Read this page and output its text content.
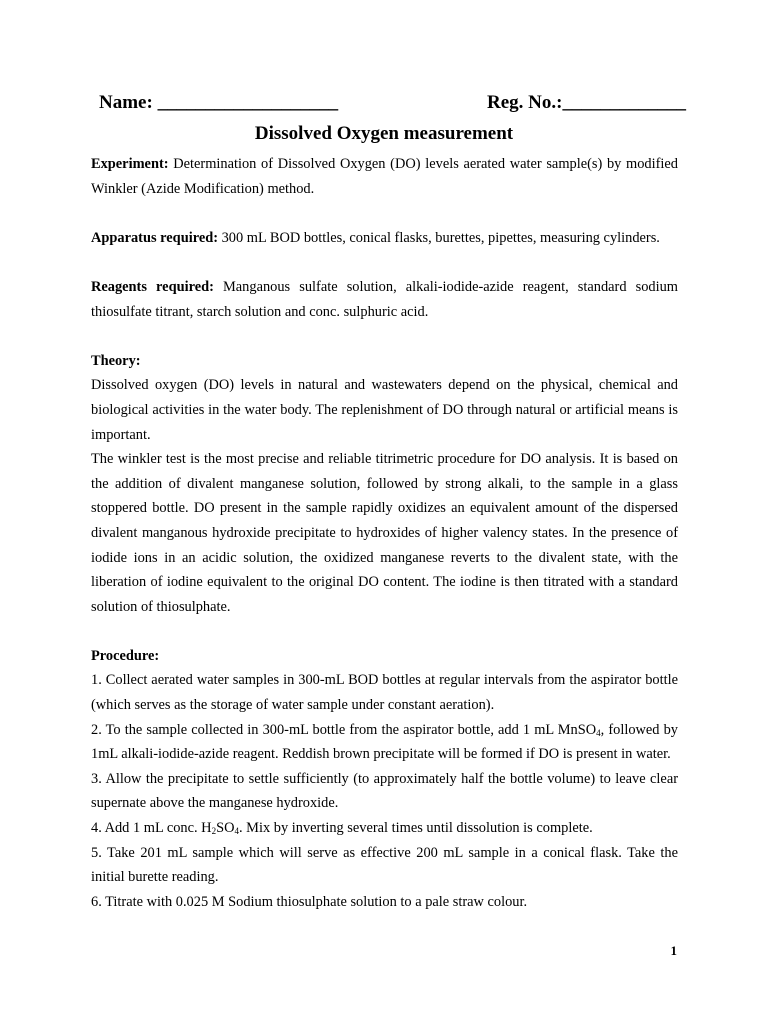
Name: ___________________	Reg. No.:_____________
Dissolved Oxygen measurement

Experiment: Determination of Dissolved Oxygen (DO) levels aerated water sample(s) by modified Winkler (Azide Modification) method.

Apparatus required: 300 mL BOD bottles, conical flasks, burettes, pipettes, measuring cylinders.

Reagents required: Manganous sulfate solution, alkali-iodide-azide reagent, standard sodium thiosulfate titrant, starch solution and conc. sulphuric acid.

Theory:

Dissolved oxygen (DO) levels in natural and wastewaters depend on the physical, chemical and biological activities in the water body. The replenishment of DO through natural or artificial means is important.

The winkler test is the most precise and reliable titrimetric procedure for DO analysis. It is based on the addition of divalent manganese solution, followed by strong alkali, to the sample in a glass stoppered bottle. DO present in the sample rapidly oxidizes an equivalent amount of the dispersed divalent manganous hydroxide precipitate to hydroxides of higher valency states. In the presence of iodide ions in an acidic solution, the oxidized manganese reverts to the divalent state, with the liberation of iodine equivalent to the original DO content. The iodine is then titrated with a standard solution of thiosulphate.

Procedure:

1. Collect aerated water samples in 300-mL BOD bottles at regular intervals from the aspirator bottle (which serves as the storage of water sample under constant aeration).

2. To the sample collected in 300-mL bottle from the aspirator bottle, add 1 mL MnSO$_4$, followed by 1mL alkali-iodide-azide reagent. Reddish brown precipitate will be formed if DO is present in water.

3. Allow the precipitate to settle sufficiently (to approximately half the bottle volume) to leave clear supernate above the manganese hydroxide.

4. Add 1 mL conc. $H_2SO_4$. Mix by inverting several times until dissolution is complete.

5. Take 201 mL sample which will serve as effective 200 mL sample in a conical flask. Take the initial burette reading.

6. Titrate with 0.025 M Sodium thiosulphate solution to a pale straw colour.

1
